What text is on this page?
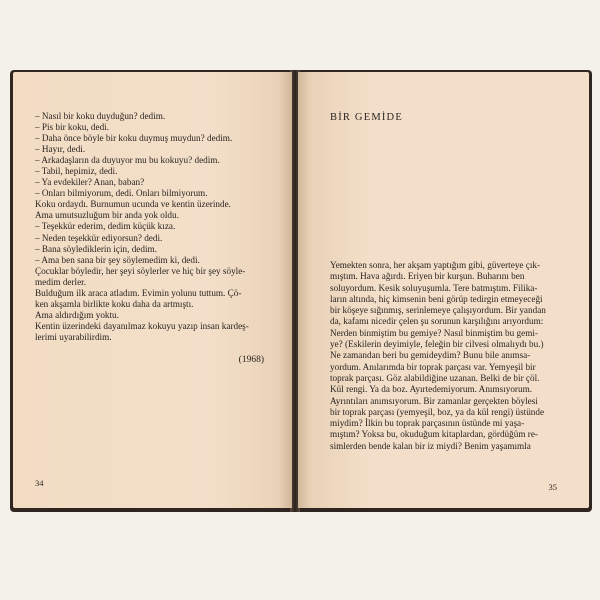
– Nasıl bir koku duyduğun? dedim.
– Pis bir koku, dedi.
– Daha önce böyle bir koku duymuş muydun? dedim.
– Hayır, dedi.
– Arkadaşların da duyuyor mu bu kokuyu? dedim.
– Tabil, hepimiz, dedi.
– Ya evdekiler? Anan, baban?
– Onları bilmiyorum, dedi. Onları bilmiyorum.
Koku ordaydı. Burnumun ucunda ve kentin üzerinde.
Ama umutsuzluğum bir anda yok oldu.
– Teşekkür ederim, dedim küçük kıza.
– Neden teşekkür ediyorsun? dedi.
– Bana söylediklerin için, dedim.
– Ama ben sana bir şey söylemedim ki, dedi.
Çocuklar böyledir, her şeyi söylerler ve hiç bir şey söyle-
medim derler.
Bulduğum ilk araca atladım. Evimin yolunu tuttum. Çö-
ken akşamla birlikte koku daha da artmıştı.
Ama aldırdığım yoktu.
Kentin üzerindeki dayanılmaz kokuyu yazıp insan kardeş-
lerimi uyarabilirdim.
(1968)
34
BİR GEMİDE
Yemekten sonra, her akşam yaptığım gibi, güverteye çık-
mıştım. Hava ağırdı. Eriyen bir kurşun. Buharını ben
soluyordum. Kesik soluyuşumla. Tere batmıştım. Filika-
ların altında, hiç kimsenin beni görüp tedirgin etmeyeceği
bir köşeye sığınmış, serinlemeye çalışıyordum. Bir yandan
da, kafamı nicedir çelen şu sorunun karşılığını arıyordum:
Nerden binmiştim bu gemiye? Nasıl binmiştim bu gemi-
ye? (Eskilerin deyimiyle, feleğin bir cilvesi olmalıydı bu.)
Ne zamandan beri bu gemideydim? Bunu bile anımsa-
yordum. Anılarımda bir toprak parçası var. Yemyeşil bir
toprak parçası. Göz alabildiğine uzanan. Belki de bir çöl.
Kül rengi. Ya da boz. Ayırtedemiyorum. Anımsıyorum.
Ayrıntıları anımsıyorum. Bir zamanlar gerçekten böylesi
bir toprak parçası (yemyeşil, boz, ya da kül rengi) üstünde
miydim? İlkin bu toprak parçasının üstünde mi yaşa-
mıştım? Yoksa bu, okuduğum kitaplardan, gördüğüm re-
simlerden bende kalan bir iz miydi? Benim yaşamımla
35
